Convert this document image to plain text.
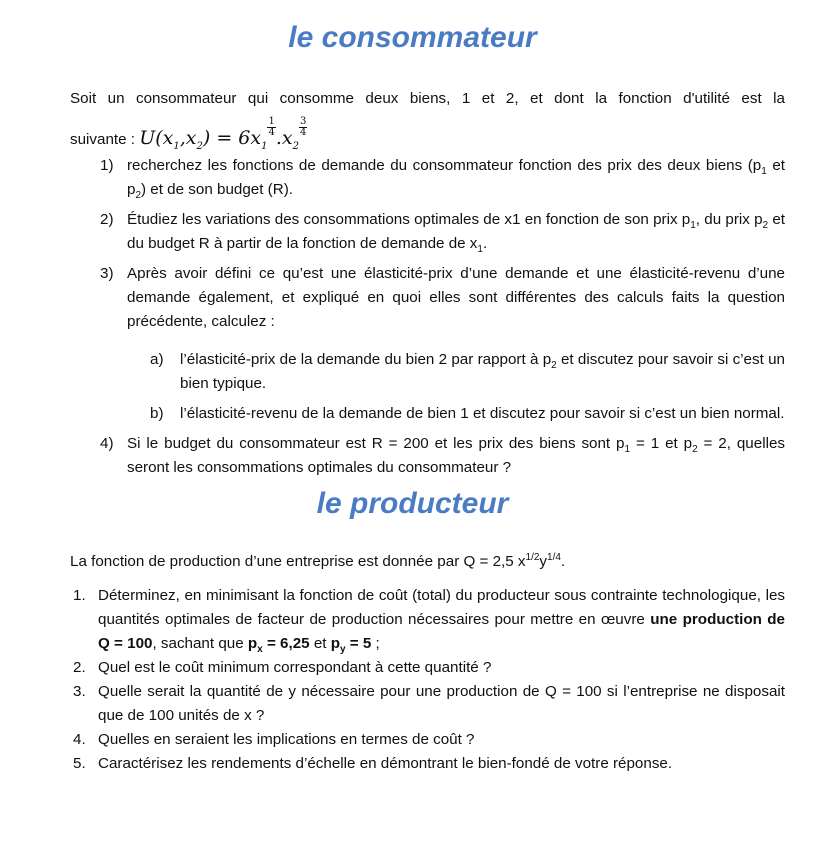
le consommateur
Soit un consommateur qui consomme deux biens, 1 et 2, et dont la fonction d'utilité est la
suivante : $U(x_1,x_2) = 6x_1$
$\frac{1}{4} .x_2$
$\frac{3}{4}$
1) recherchez les fonctions de demande du consommateur fonction des prix des deux biens ($p_1$ et $p_2$) et de son budget (R).
2) Étudiez les variations des consommations optimales de x1 en fonction de son prix $p_1$, du prix $p_2$ et du budget R à partir de la fonction de demande de $x_1$.
3) Après avoir défini ce qu’est une élasticité-prix d’une demande et une élasticité-revenu d’une demande également, et expliqué en quoi elles sont différentes des calculs faits la question précédente, calculez :
a) l’élasticité-prix de la demande du bien 2 par rapport à $p_2$ et discutez pour savoir si c’est un bien typique.
b) l’élasticité-revenu de la demande de bien 1 et discutez pour savoir si c’est un bien normal.
4) Si le budget du consommateur est R = 200 et les prix des biens sont $p_1 = 1$ et $p_2 = 2$, quelles seront les consommations optimales du consommateur ?
le producteur
La fonction de production d’une entreprise est donnée par Q = 2,5 $x^{1/2}y^{1/4}$.
1. Déterminez, en minimisant la fonction de coût (total) du producteur sous contrainte technologique, les quantités optimales de facteur de production nécessaires pour mettre en œuvre une production de Q = 100, sachant que $p_x = 6,25$ et $p_y = 5$ ;
2. Quel est le coût minimum correspondant à cette quantité ?
3. Quelle serait la quantité de y nécessaire pour une production de Q = 100 si l’entreprise ne disposait que de 100 unités de x ?
4. Quelles en seraient les implications en termes de coût ?
5. Caractérisez les rendements d’échelle en démontrant le bien-fondé de votre réponse.
